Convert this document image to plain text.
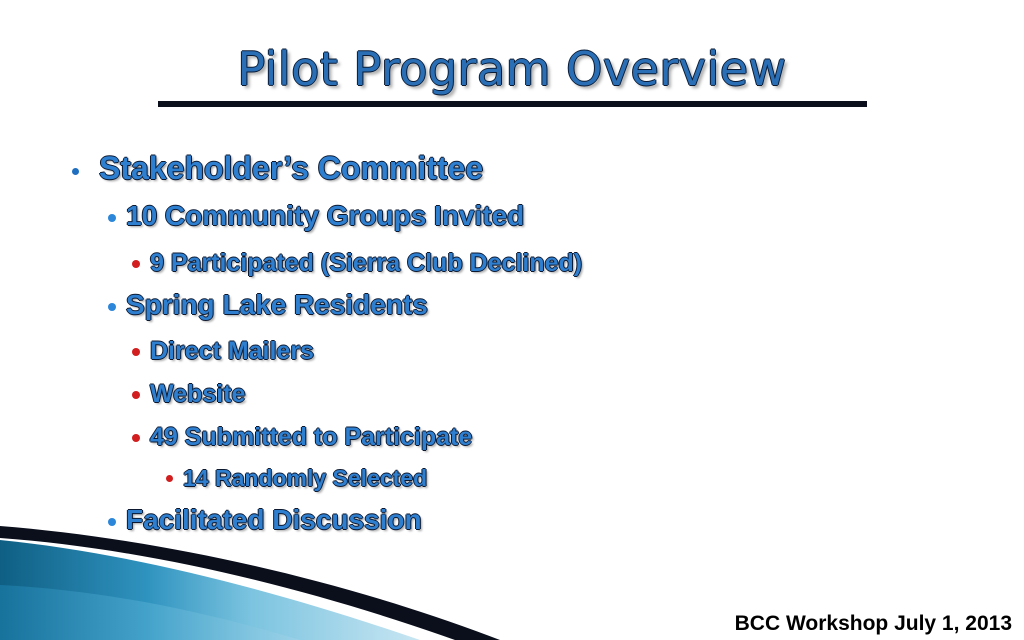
Pilot Program Overview
Stakeholder’s Committee
10 Community Groups Invited
9 Participated (Sierra Club Declined)
Spring Lake Residents
Direct Mailers
Website
49 Submitted to Participate
14 Randomly Selected
Facilitated Discussion
BCC Workshop July 1, 2013
